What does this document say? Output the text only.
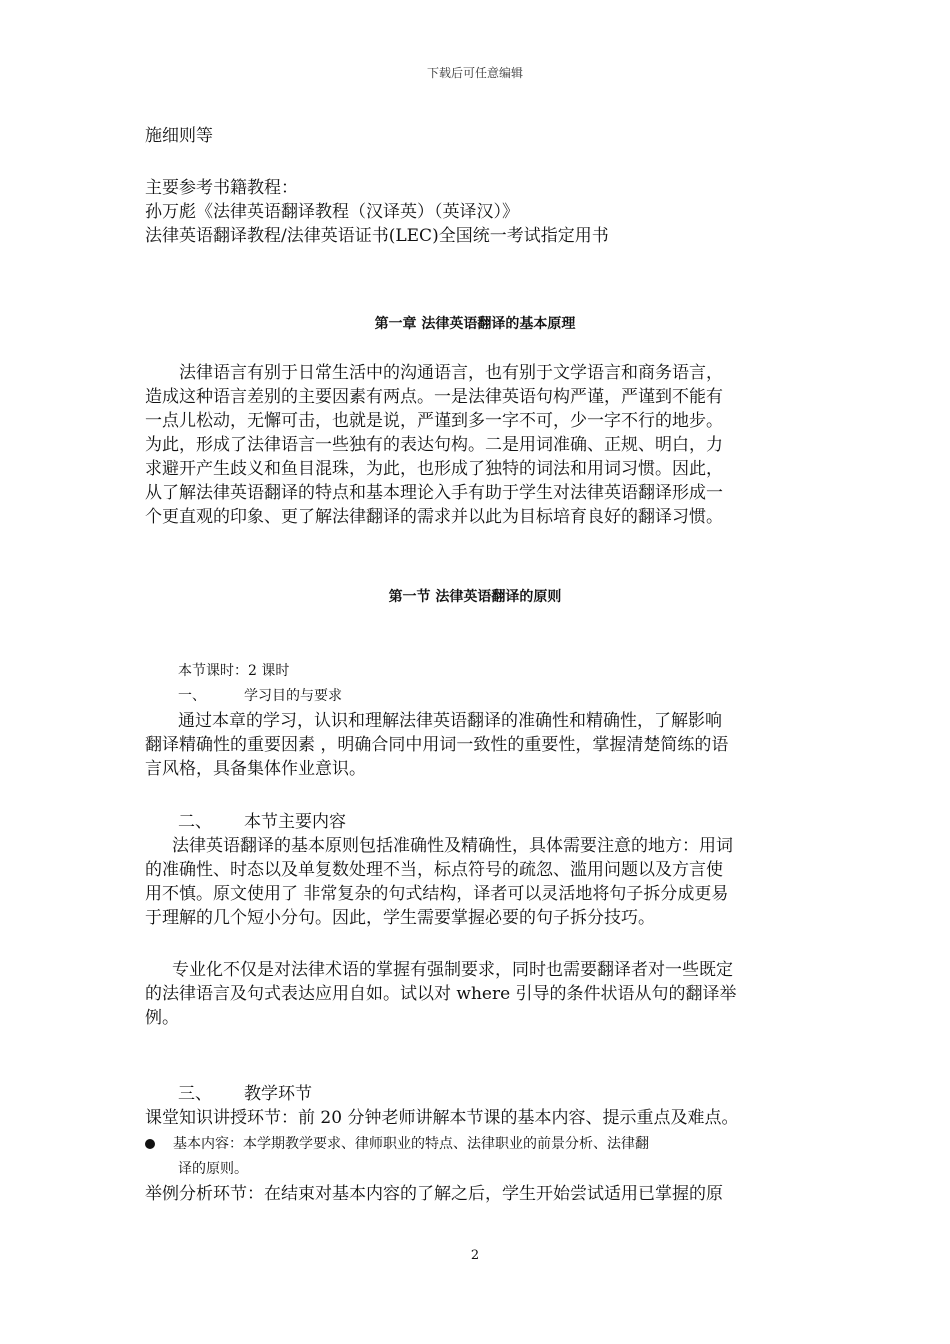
下载后可任意编辑
施细则等
主要参考书籍教程：
孙万彪《法律英语翻译教程（汉译英）（英译汉）》
法律英语翻译教程/法律英语证书(LEC)全国统一考试指定用书
第一章 法律英语翻译的基本原理
　　法律语言有别于日常生活中的沟通语言，也有别于文学语言和商务语言，
造成这种语言差别的主要因素有两点。一是法律英语句构严谨，严谨到不能有
一点儿松动，无懈可击，也就是说，严谨到多一字不可，少一字不行的地步。
为此，形成了法律语言一些独有的表达句构。二是用词准确、正规、明白，力
求避开产生歧义和鱼目混珠，为此，也形成了独特的词法和用词习惯。因此，
从了解法律英语翻译的特点和基本理论入手有助于学生对法律英语翻译形成一
个更直观的印象、更了解法律翻译的需求并以此为目标培育良好的翻译习惯。
第一节 法律英语翻译的原则
本节课时：2 课时
一、	学习目的与要求
通过本章的学习，认识和理解法律英语翻译的准确性和精确性，了解影响
翻译精确性的重要因素 ，明确合同中用词一致性的重要性，掌握清楚简练的语
言风格，具备集体作业意识。
二、 本节主要内容
法律英语翻译的基本原则包括准确性及精确性，具体需要注意的地方：用词
的准确性、时态以及单复数处理不当，标点符号的疏忽、滥用问题以及方言使
用不慎。原文使用了 非常复杂的句式结构，译者可以灵活地将句子拆分成更易
于理解的几个短小分句。因此，学生需要掌握必要的句子拆分技巧。
专业化不仅是对法律术语的掌握有强制要求，同时也需要翻译者对一些既定
的法律语言及句式表达应用自如。试以对 where 引导的条件状语从句的翻译举
例。
三、 教学环节
课堂知识讲授环节：前 20 分钟老师讲解本节课的基本内容、提示重点及难点。
基本内容：本学期教学要求、律师职业的特点、法律职业的前景分析、法律翻
译的原则。
举例分析环节：在结束对基本内容的了解之后，学生开始尝试适用已掌握的原
2
